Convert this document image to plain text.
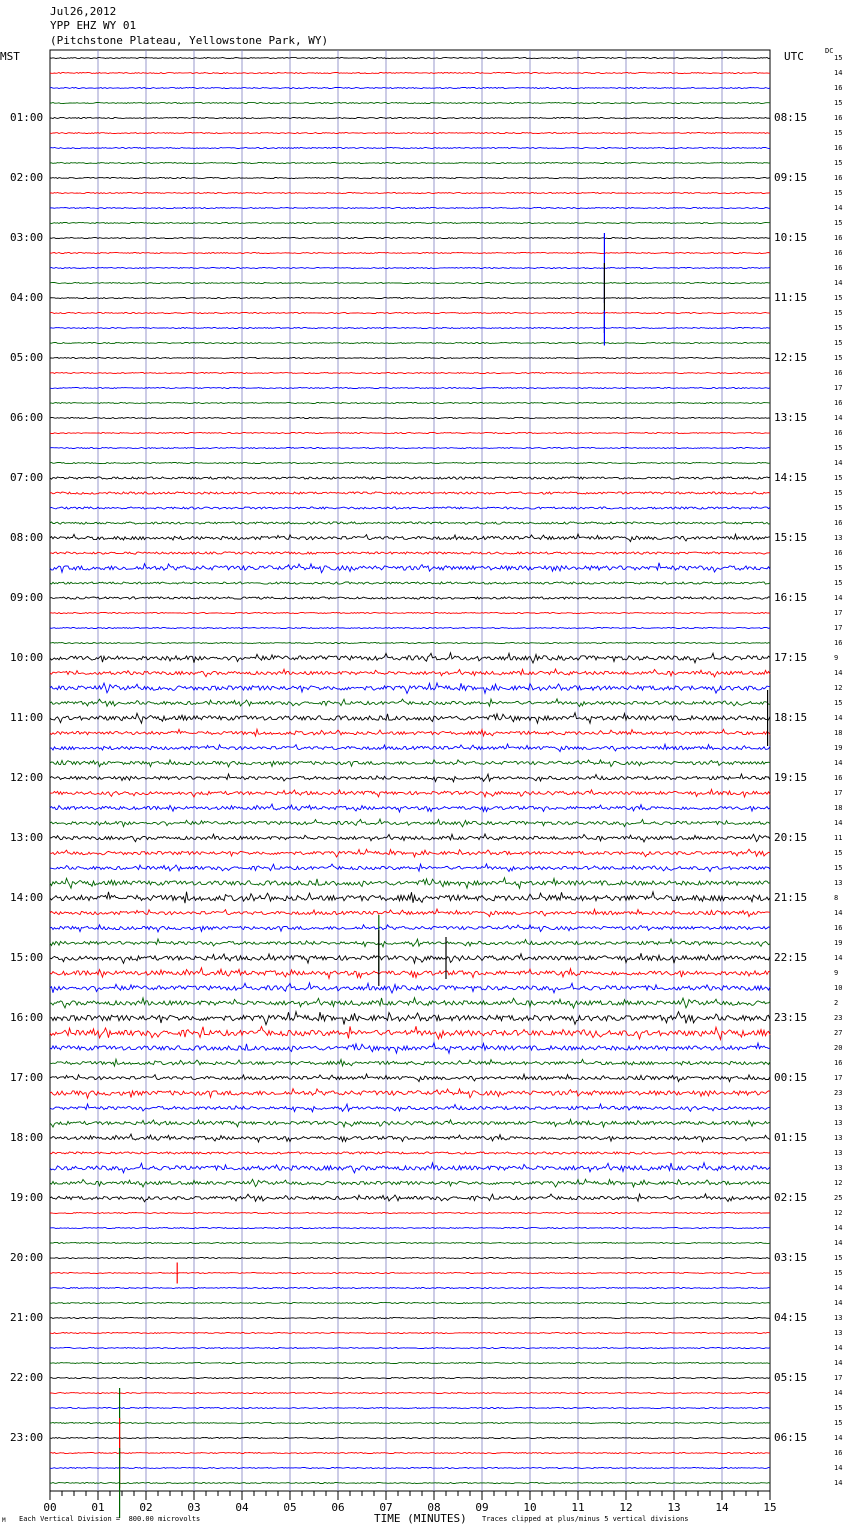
Jul26,2012
YPP EHZ WY 01
(Pitchstone Plateau, Yellowstone Park, WY)
MST	UTC	DC
00	01	02	03	04	05	06	07	08	09	10	11	12	13	14	15
01:00
02:00
03:00
04:00
05:00
06:00
07:00
08:00
09:00
10:00
11:00
12:00
13:00
14:00
15:00
16:00
17:00
18:00
19:00
20:00
21:00
22:00
23:00
08:15
09:15
10:15
11:15
12:15
13:15
14:15
15:15
16:15
17:15
18:15
19:15
20:15
21:15
22:15
23:15
00:15
01:15
02:15
03:15
04:15
05:15
06:15
15
14
16
15
16
15
16
15
16
15
14
15
16
16
16
14
15
15
15
15
15
16
17
16
14
16
15
14
15
15
15
16
13
16
15
15
14
17
17
16
9
14
12
15
14
18
19
14
16
17
18
14
11
15
15
13
8
14
16
19
14
9
10
2
23
27
20
16
17
23
13
13
13
13
13
12
25
12
14
14
15
15
14
14
13
13
14
14
17
14
15
15
14
16
14
14
M Each Vertical Division =  800.00 microvolts	TIME (MINUTES) Traces clipped at plus/minus 5 vertical divisions
